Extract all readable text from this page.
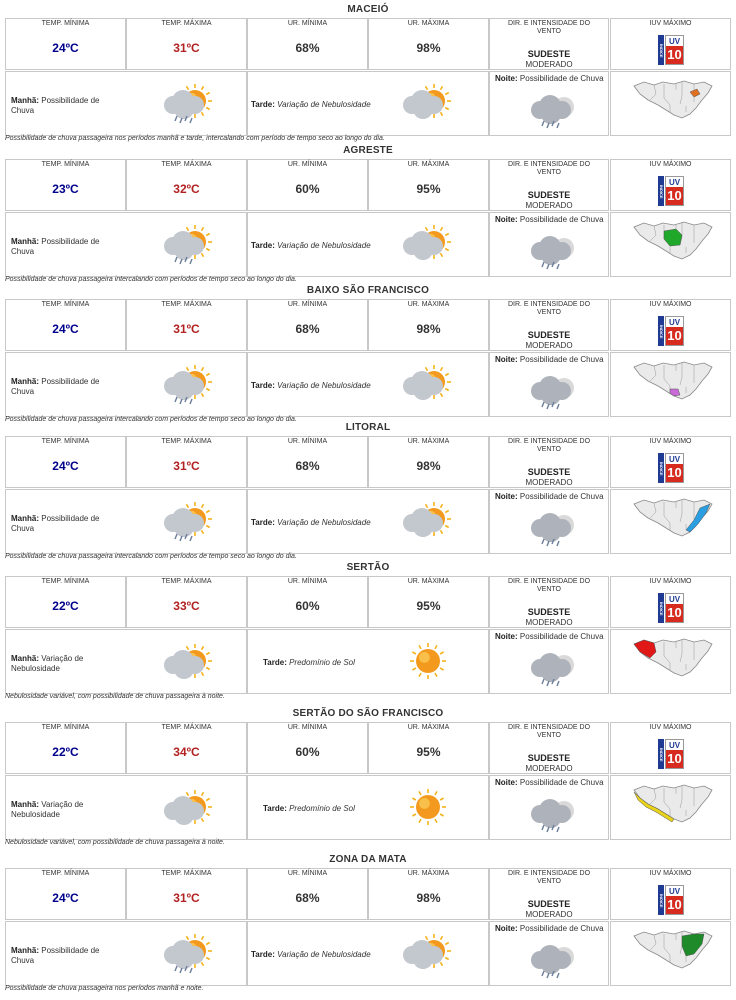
MACEIÓ
TEMP. MÍNIMA
24ºC
TEMP. MÁXIMA
31ºC
UR. MÍNIMA
68%
UR. MÁXIMA
98%
DIR. E INTENSIDADE DO VENTO
SUDESTE
MODERADO
IUV MÁXIMO
ÍNDICE
UV
10
Manhã: Possibilidade de Chuva
Tarde: Variação de Nebulosidade
Noite: Possibilidade de Chuva
Possibilidade de chuva passageira nos períodos manhã e tarde, intercalando com período de tempo seco ao longo do dia.
AGRESTE
TEMP. MÍNIMA
23ºC
TEMP. MÁXIMA
32ºC
UR. MÍNIMA
60%
UR. MÁXIMA
95%
DIR. E INTENSIDADE DO VENTO
SUDESTE
MODERADO
IUV MÁXIMO
ÍNDICE
UV
10
Manhã: Possibilidade de Chuva
Tarde: Variação de Nebulosidade
Noite: Possibilidade de Chuva
Possibilidade de chuva passageira intercalando com períodos de tempo seco ao longo do dia.
BAIXO SÃO FRANCISCO
TEMP. MÍNIMA
24ºC
TEMP. MÁXIMA
31ºC
UR. MÍNIMA
68%
UR. MÁXIMA
98%
DIR. E INTENSIDADE DO VENTO
SUDESTE
MODERADO
IUV MÁXIMO
ÍNDICE
UV
10
Manhã: Possibilidade de Chuva
Tarde: Variação de Nebulosidade
Noite: Possibilidade de Chuva
Possibilidade de chuva passageira intercalando com períodos de tempo seco ao longo do dia.
LITORAL
TEMP. MÍNIMA
24ºC
TEMP. MÁXIMA
31ºC
UR. MÍNIMA
68%
UR. MÁXIMA
98%
DIR. E INTENSIDADE DO VENTO
SUDESTE
MODERADO
IUV MÁXIMO
ÍNDICE
UV
10
Manhã: Possibilidade de Chuva
Tarde: Variação de Nebulosidade
Noite: Possibilidade de Chuva
Possibilidade de chuva passageira intercalando com períodos de tempo seco ao longo do dia.
SERTÃO
TEMP. MÍNIMA
22ºC
TEMP. MÁXIMA
33ºC
UR. MÍNIMA
60%
UR. MÁXIMA
95%
DIR. E INTENSIDADE DO VENTO
SUDESTE
MODERADO
IUV MÁXIMO
ÍNDICE
UV
10
Manhã: Variação de Nebulosidade
Tarde: Predomínio de Sol
Noite: Possibilidade de Chuva
Nebulosidade variável, com possibilidade de chuva passageira à noite.
SERTÃO DO SÃO FRANCISCO
TEMP. MÍNIMA
22ºC
TEMP. MÁXIMA
34ºC
UR. MÍNIMA
60%
UR. MÁXIMA
95%
DIR. E INTENSIDADE DO VENTO
SUDESTE
MODERADO
IUV MÁXIMO
ÍNDICE
UV
10
Manhã: Variação de Nebulosidade
Tarde: Predomínio de Sol
Noite: Possibilidade de Chuva
Nebulosidade variável, com possibilidade de chuva passageira à noite.
ZONA DA MATA
TEMP. MÍNIMA
24ºC
TEMP. MÁXIMA
31ºC
UR. MÍNIMA
68%
UR. MÁXIMA
98%
DIR. E INTENSIDADE DO VENTO
SUDESTE
MODERADO
IUV MÁXIMO
ÍNDICE
UV
10
Manhã: Possibilidade de Chuva
Tarde: Variação de Nebulosidade
Noite: Possibilidade de Chuva
Possibilidade de chuva passageira nos períodos manhã e noite.
